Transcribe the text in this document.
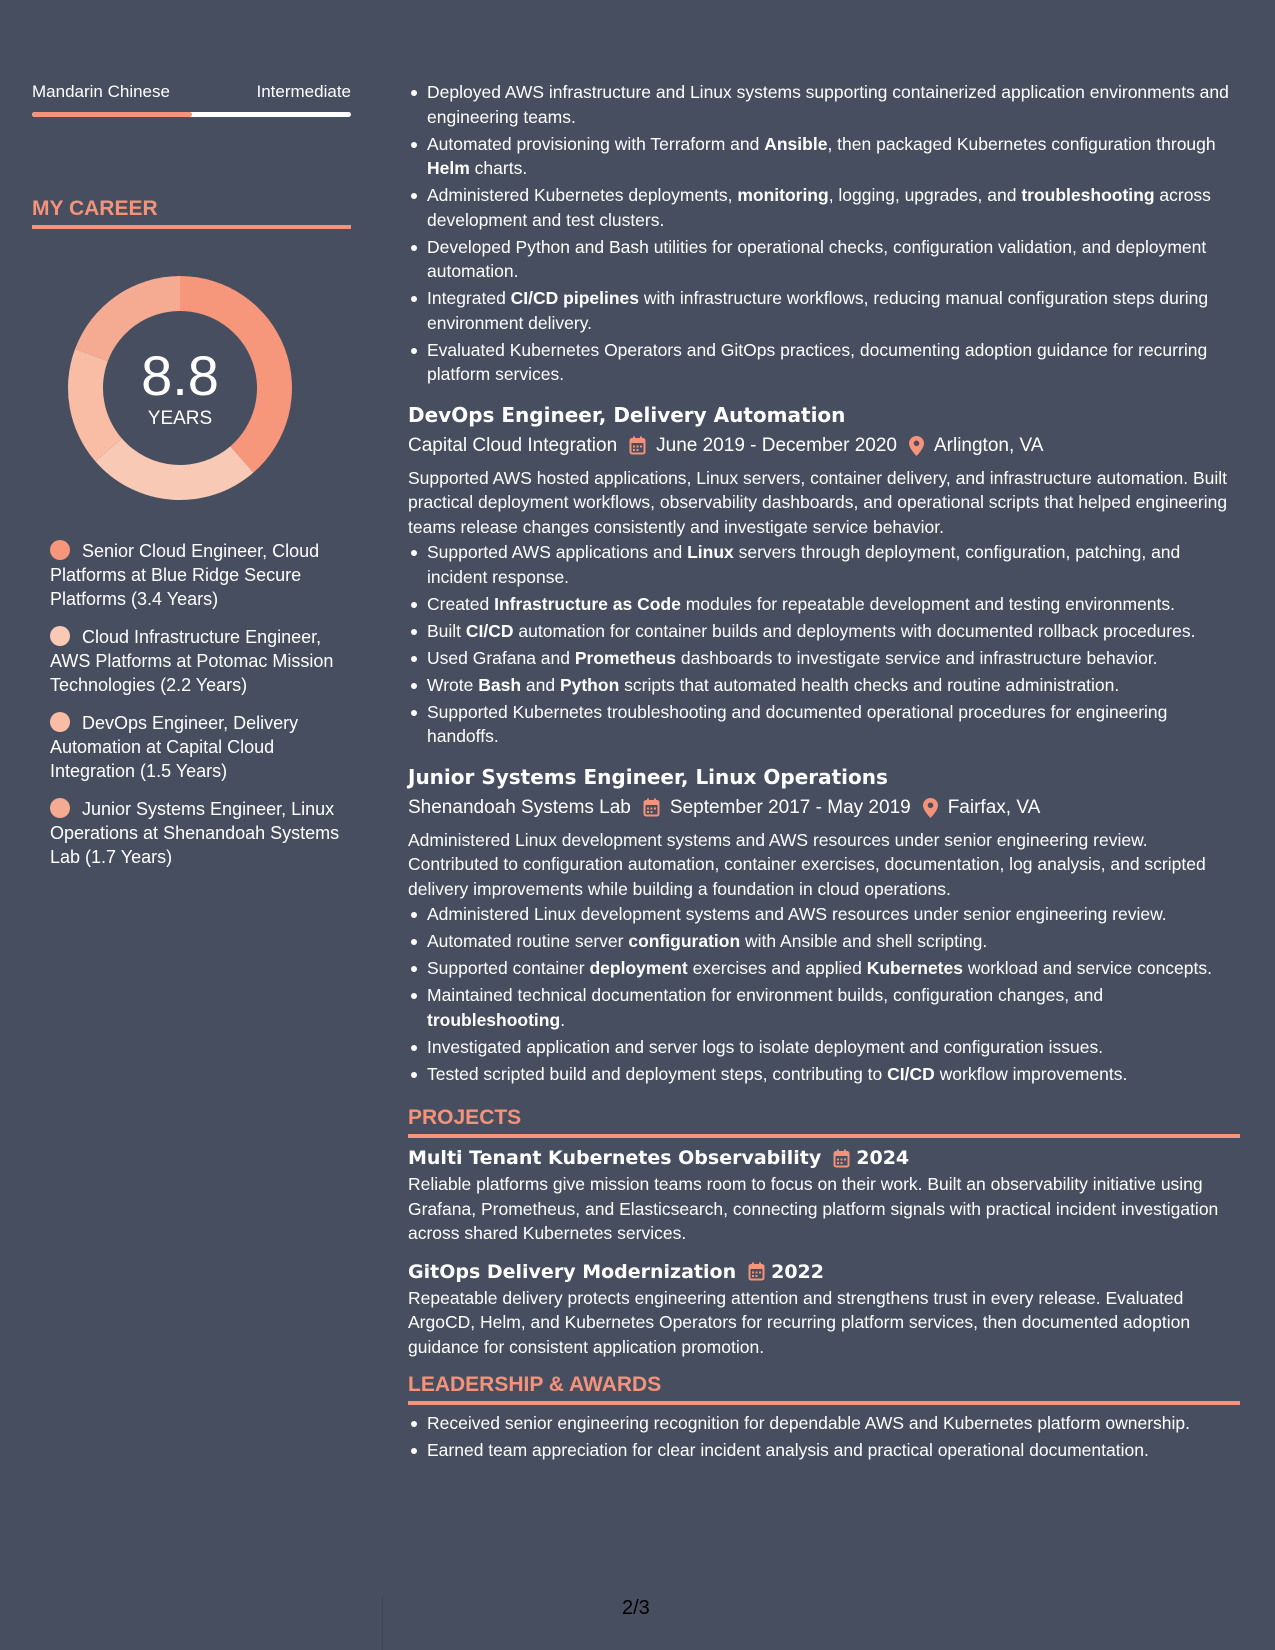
Mandarin Chinese	Intermediate
MY CAREER
8.8
YEARS
Senior Cloud Engineer, Cloud Platforms at Blue Ridge Secure Platforms (3.4 Years)
Cloud Infrastructure Engineer, AWS Platforms at Potomac Mission Technologies (2.2 Years)
DevOps Engineer, Delivery Automation at Capital Cloud Integration (1.5 Years)
Junior Systems Engineer, Linux Operations at Shenandoah Systems Lab (1.7 Years)
Deployed AWS infrastructure and Linux systems supporting containerized application environments and engineering teams.
Automated provisioning with Terraform and Ansible, then packaged Kubernetes configuration through Helm charts.
Administered Kubernetes deployments, monitoring, logging, upgrades, and troubleshooting across development and test clusters.
Developed Python and Bash utilities for operational checks, configuration validation, and deployment automation.
Integrated CI/CD pipelines with infrastructure workflows, reducing manual configuration steps during environment delivery.
Evaluated Kubernetes Operators and GitOps practices, documenting adoption guidance for recurring platform services.
DevOps Engineer, Delivery Automation
Capital Cloud Integration June 2019 - December 2020 Arlington, VA
Supported AWS hosted applications, Linux servers, container delivery, and infrastructure automation. Built practical deployment workflows, observability dashboards, and operational scripts that helped engineering teams release changes consistently and investigate service behavior.
Supported AWS applications and Linux servers through deployment, configuration, patching, and incident response.
Created Infrastructure as Code modules for repeatable development and testing environments.
Built CI/CD automation for container builds and deployments with documented rollback procedures.
Used Grafana and Prometheus dashboards to investigate service and infrastructure behavior.
Wrote Bash and Python scripts that automated health checks and routine administration.
Supported Kubernetes troubleshooting and documented operational procedures for engineering handoffs.
Junior Systems Engineer, Linux Operations
Shenandoah Systems Lab September 2017 - May 2019 Fairfax, VA
Administered Linux development systems and AWS resources under senior engineering review. Contributed to configuration automation, container exercises, documentation, log analysis, and scripted delivery improvements while building a foundation in cloud operations.
Administered Linux development systems and AWS resources under senior engineering review.
Automated routine server configuration with Ansible and shell scripting.
Supported container deployment exercises and applied Kubernetes workload and service concepts.
Maintained technical documentation for environment builds, configuration changes, and troubleshooting.
Investigated application and server logs to isolate deployment and configuration issues.
Tested scripted build and deployment steps, contributing to CI/CD workflow improvements.
PROJECTS
Multi Tenant Kubernetes Observability 2024
Reliable platforms give mission teams room to focus on their work. Built an observability initiative using Grafana, Prometheus, and Elasticsearch, connecting platform signals with practical incident investigation across shared Kubernetes services.
GitOps Delivery Modernization 2022
Repeatable delivery protects engineering attention and strengthens trust in every release. Evaluated ArgoCD, Helm, and Kubernetes Operators for recurring platform services, then documented adoption guidance for consistent application promotion.
LEADERSHIP & AWARDS
Received senior engineering recognition for dependable AWS and Kubernetes platform ownership.
Earned team appreciation for clear incident analysis and practical operational documentation.
2/3
